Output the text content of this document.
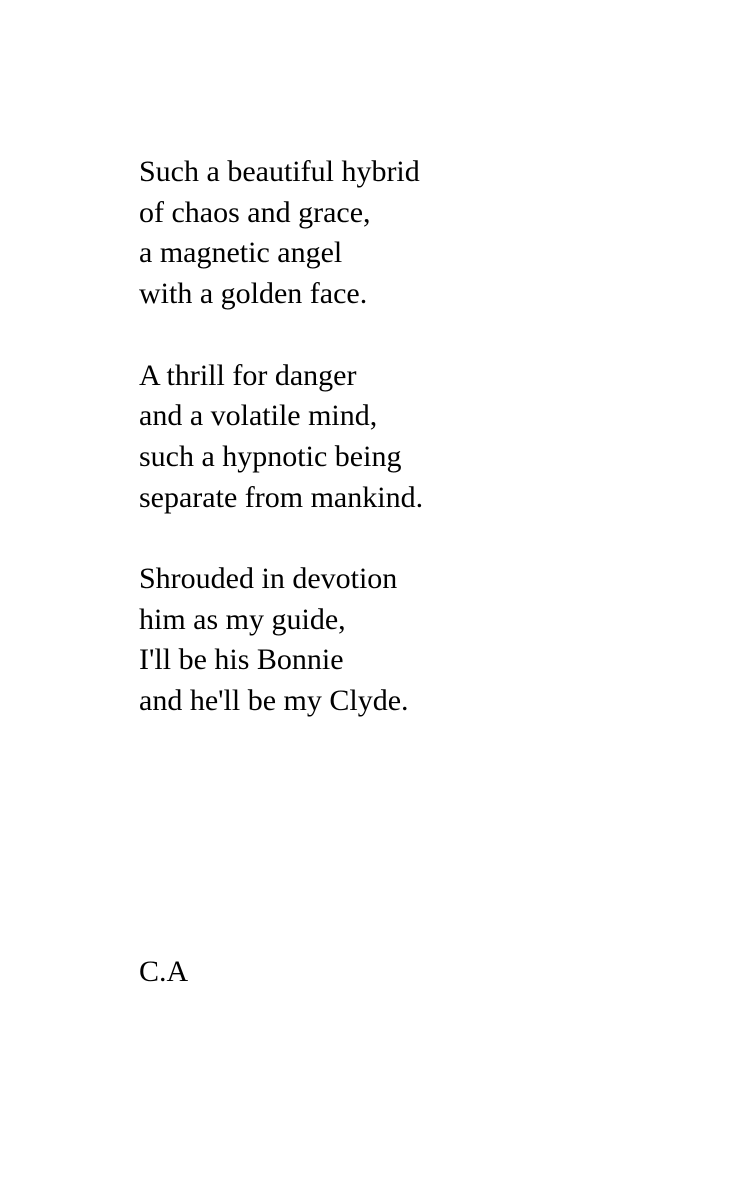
Such a beautiful hybrid
of chaos and grace,
a magnetic angel
with a golden face.
A thrill for danger
and a volatile mind,
such a hypnotic being
separate from mankind.
Shrouded in devotion
him as my guide,
I'll be his Bonnie
and he'll be my Clyde.
C.A
